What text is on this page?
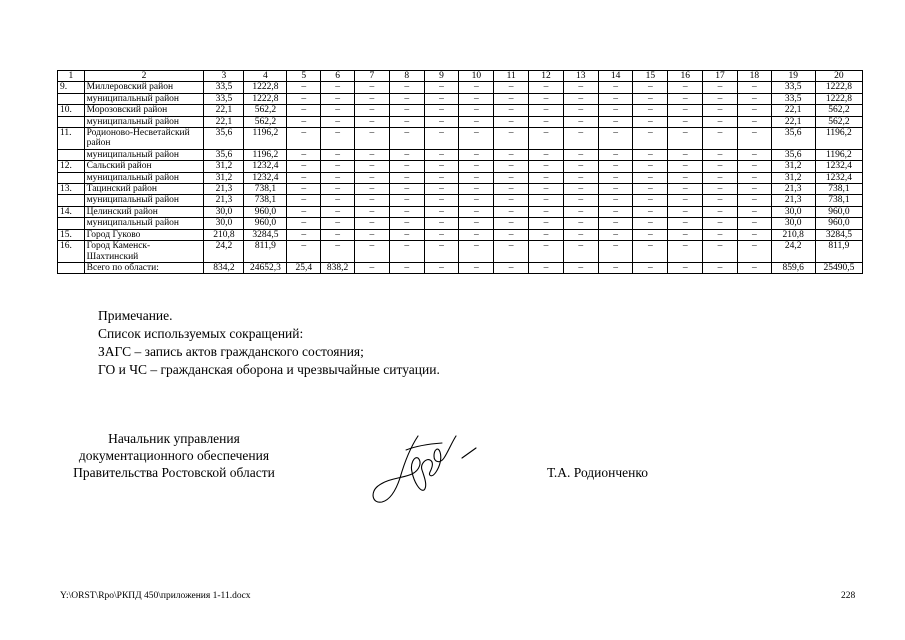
1	2	3	4	5	6	7	8	9	10	11	12	13	14	15	16	17	18	19	20
9.	Миллеровский район	33,5	1222,8	–	–	–	–	–	–	–	–	–	–	–	–	–	–	33,5	1222,8
	муниципальный район	33,5	1222,8	–	–	–	–	–	–	–	–	–	–	–	–	–	–	33,5	1222,8
10.	Морозовский район	22,1	562,2	–	–	–	–	–	–	–	–	–	–	–	–	–	–	22,1	562,2
	муниципальный район	22,1	562,2	–	–	–	–	–	–	–	–	–	–	–	–	–	–	22,1	562,2
11.	Родионово-Несветайский район	35,6	1196,2	–	–	–	–	–	–	–	–	–	–	–	–	–	–	35,6	1196,2
	муниципальный район	35,6	1196,2	–	–	–	–	–	–	–	–	–	–	–	–	–	–	35,6	1196,2
12.	Сальский район	31,2	1232,4	–	–	–	–	–	–	–	–	–	–	–	–	–	–	31,2	1232,4
	муниципальный район	31,2	1232,4	–	–	–	–	–	–	–	–	–	–	–	–	–	–	31,2	1232,4
13.	Тацинский район	21,3	738,1	–	–	–	–	–	–	–	–	–	–	–	–	–	–	21,3	738,1
	муниципальный район	21,3	738,1	–	–	–	–	–	–	–	–	–	–	–	–	–	–	21,3	738,1
14.	Целинский район	30,0	960,0	–	–	–	–	–	–	–	–	–	–	–	–	–	–	30,0	960,0
	муниципальный район	30,0	960,0	–	–	–	–	–	–	–	–	–	–	–	–	–	–	30,0	960,0
15.	Город Гуково	210,8	3284,5	–	–	–	–	–	–	–	–	–	–	–	–	–	–	210,8	3284,5
16.	Город Каменск-Шахтинский	24,2	811,9	–	–	–	–	–	–	–	–	–	–	–	–	–	–	24,2	811,9
	Всего по области:	834,2	24652,3	25,4	838,2	–	–	–	–	–	–	–	–	–	–	–	–	859,6	25490,5
Примечание.
Список используемых сокращений:
ЗАГС – запись актов гражданского состояния;
ГО и ЧС – гражданская оборона и чрезвычайные ситуации.
Начальник управления
документационного обеспечения
Правительства Ростовской области	Т.А. Родионченко
Y:\ORST\Rpo\РКПД 450\приложения 1-11.docx	228
